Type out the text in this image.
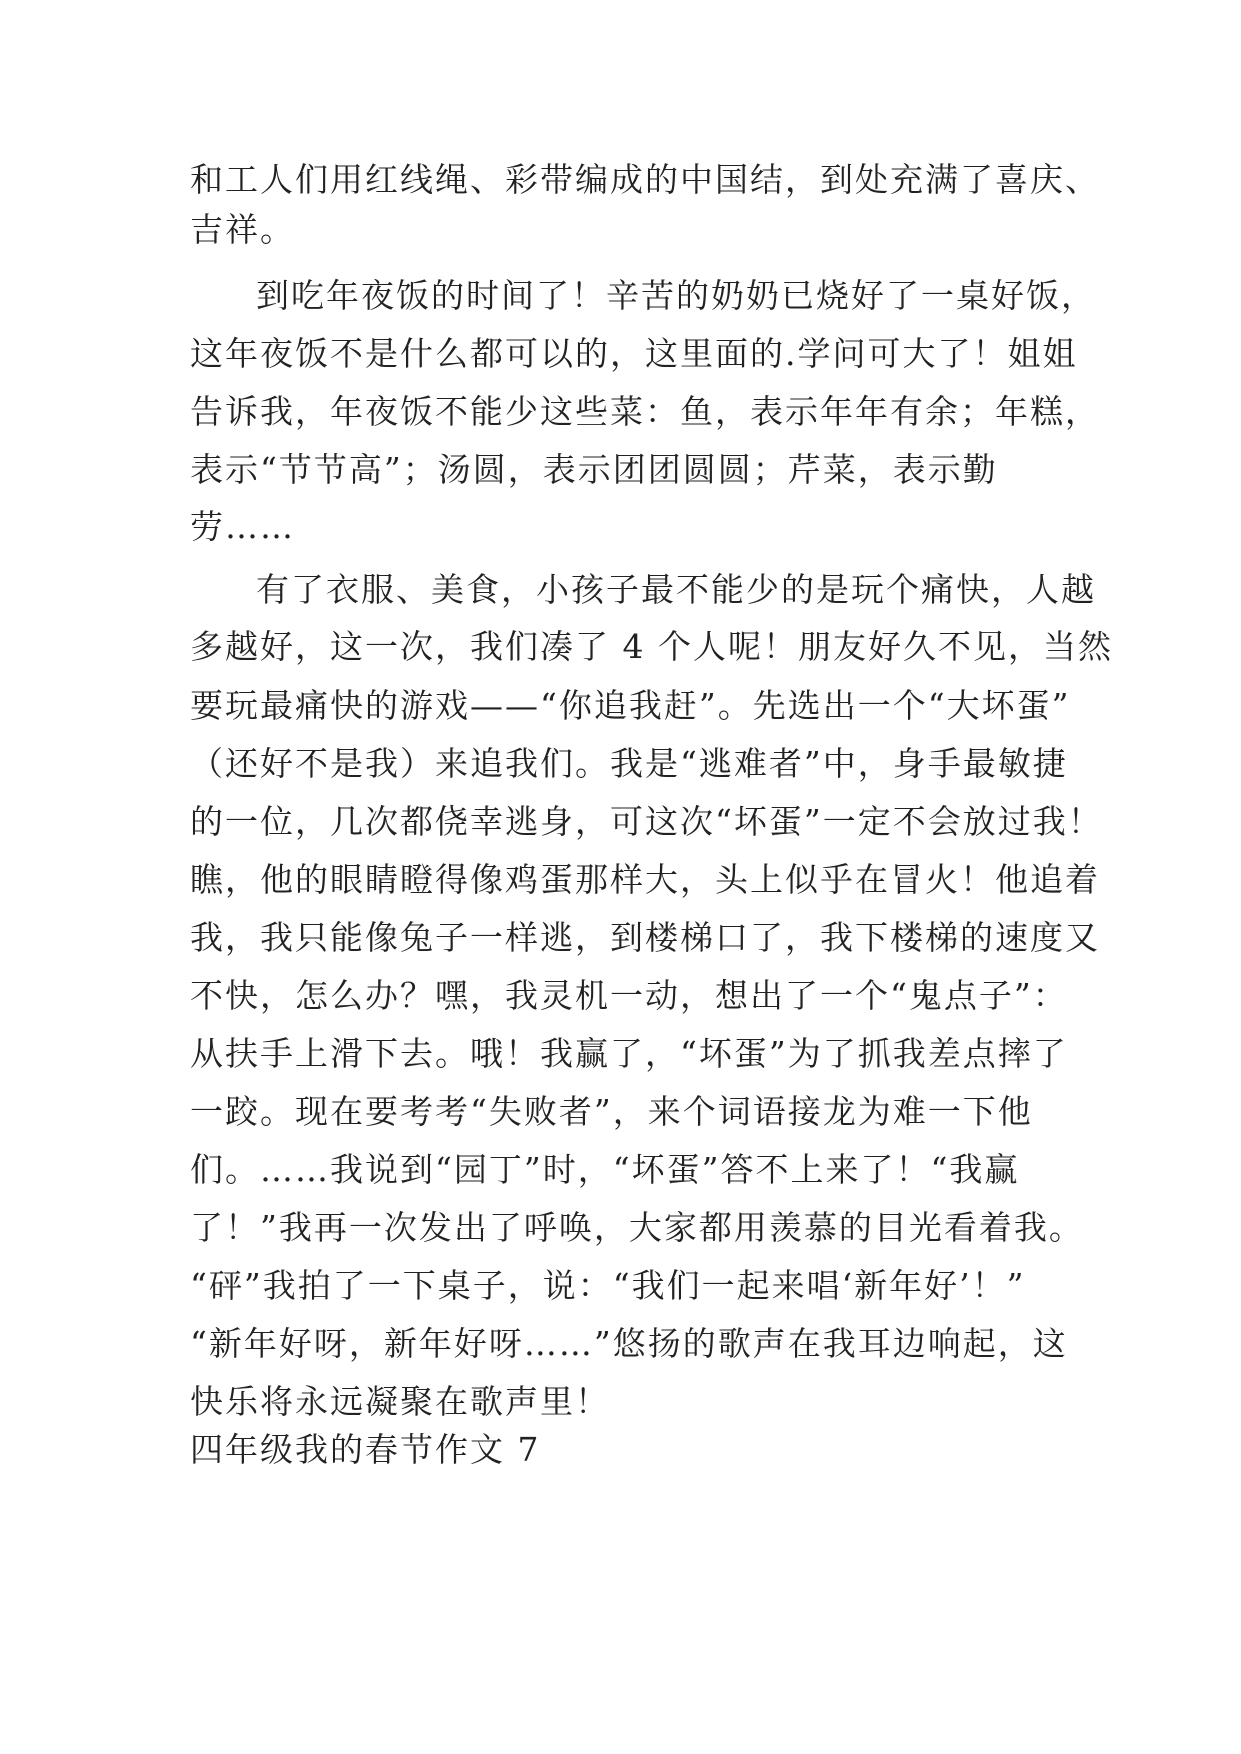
和工人们用红线绳、彩带编成的中国结，到处充满了喜庆、
吉祥。
到吃年夜饭的时间了！辛苦的奶奶已烧好了一桌好饭，
这年夜饭不是什么都可以的，这里面的.学问可大了！姐姐
告诉我，年夜饭不能少这些菜：鱼，表示年年有余；年糕，
表示“节节高”；汤圆，表示团团圆圆；芹菜，表示勤
劳……
有了衣服、美食，小孩子最不能少的是玩个痛快，人越
多越好，这一次，我们凑了 4 个人呢！朋友好久不见，当然
要玩最痛快的游戏——“你追我赶”。先选出一个“大坏蛋”
（还好不是我）来追我们。我是“逃难者”中，身手最敏捷
的一位，几次都侥幸逃身，可这次“坏蛋”一定不会放过我！
瞧，他的眼睛瞪得像鸡蛋那样大，头上似乎在冒火！他追着
我，我只能像兔子一样逃，到楼梯口了，我下楼梯的速度又
不快，怎么办？嘿，我灵机一动，想出了一个“鬼点子”：
从扶手上滑下去。哦！我赢了，“坏蛋”为了抓我差点摔了
一跤。现在要考考“失败者”，来个词语接龙为难一下他
们。……我说到“园丁”时，“坏蛋”答不上来了！“我赢
了！”我再一次发出了呼唤，大家都用羡慕的目光看着我。
“砰”我拍了一下桌子，说：“我们一起来唱‘新年好’！”
“新年好呀，新年好呀……”悠扬的歌声在我耳边响起，这
快乐将永远凝聚在歌声里！
四年级我的春节作文 7
